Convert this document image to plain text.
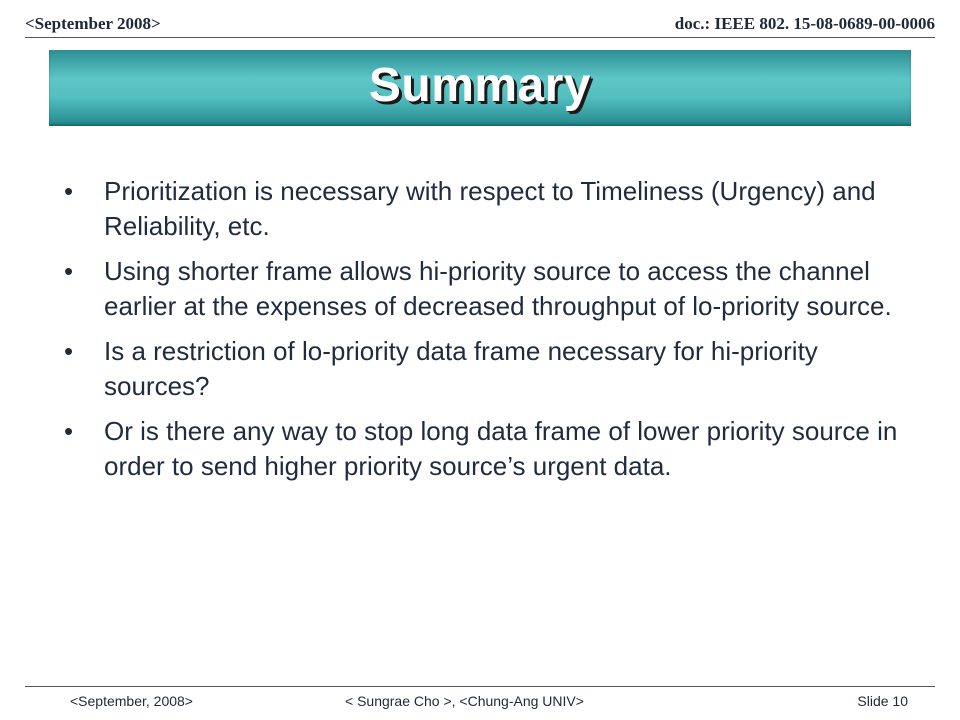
<September 2008>	doc.: IEEE 802. 15-08-0689-00-0006
Summary
• Prioritization is necessary with respect to Timeliness (Urgency) and Reliability, etc.
• Using shorter frame allows hi-priority source to access the channel earlier at the expenses of decreased throughput of lo-priority source.
• Is a restriction of lo-priority data frame necessary for hi-priority sources?
• Or is there any way to stop long data frame of lower priority source in order to send higher priority source’s urgent data.
<September, 2008>	< Sungrae Cho >, <Chung-Ang UNIV>	Slide 10
